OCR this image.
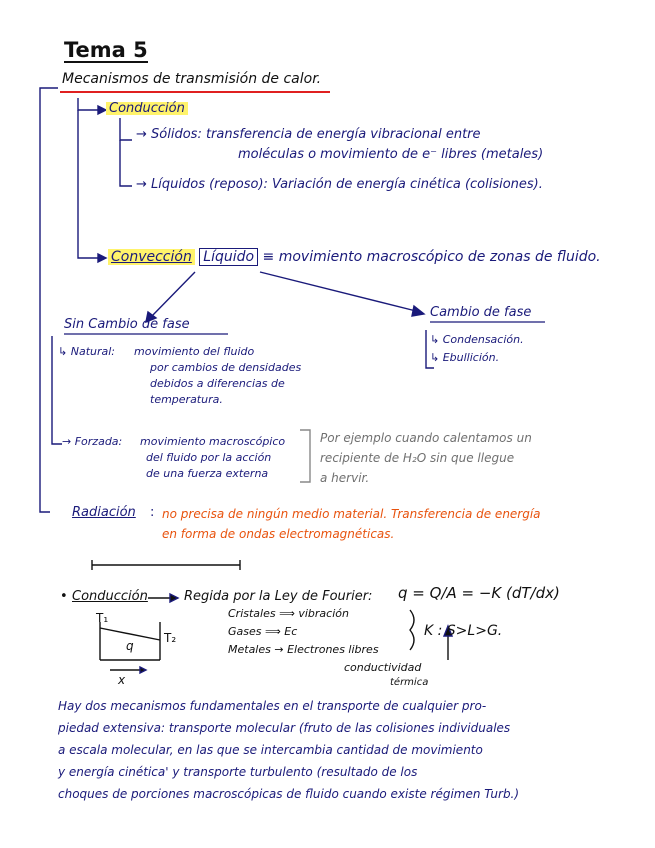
Tema 5
Mecanismos de transmisión de calor.
Conducción
→ Sólidos: transferencia de energía vibracional entre
moléculas o movimiento de e⁻ libres (metales)
→ Líquidos (reposo): Variación de energía cinética (colisiones).
Convección Líquido ≡ movimiento macroscópico de zonas de fluido.
Sin Cambio de fase
Cambio de fase
↳ Condensación.
↳ Ebullición.
↳ Natural: movimiento del fluido
por cambios de densidades
debidos a diferencias de
temperatura.
→ Forzada: movimiento macroscópico
del fluido por la acción
de una fuerza externa
Por ejemplo cuando calentamos un
recipiente de H₂O sin que llegue
a hervir.
Radiación : no precisa de ningún medio material. Transferencia de energía
en forma de ondas electromagnéticas.
• Conducción	Regida por la Ley de Fourier: q = Q/A = −K (dT/dx)
T₁
T₂
q
x
Cristales ⟹ vibración
Gases ⟹ Ec
Metales → Electrones libres
K : S>L>G.
conductividad
térmica
Hay dos mecanismos fundamentales en el transporte de cualquier pro-
piedad extensiva: transporte molecular (fruto de las colisiones individuales
a escala molecular, en las que se intercambia cantidad de movimiento
y energía cinética' y transporte turbulento (resultado de los
choques de porciones macroscópicas de fluido cuando existe régimen Turb.)
